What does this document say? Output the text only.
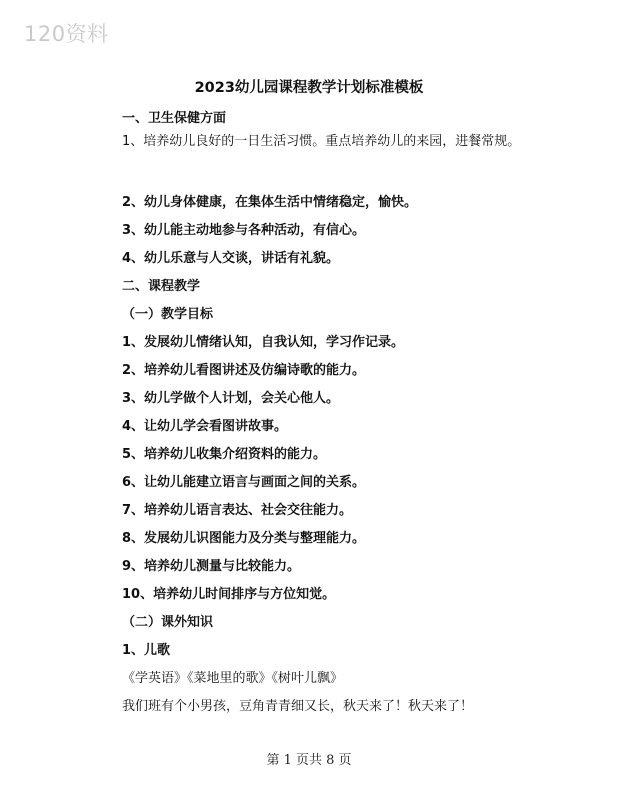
120资料
2023幼儿园课程教学计划标准模板
一、卫生保健方面
1、培养幼儿良好的一日生活习惯。重点培养幼儿的来园，进餐常规。
2、幼儿身体健康，在集体生活中情绪稳定，愉快。
3、幼儿能主动地参与各种活动，有信心。
4、幼儿乐意与人交谈，讲话有礼貌。
二、课程教学
（一）教学目标
1、发展幼儿情绪认知，自我认知，学习作记录。
2、培养幼儿看图讲述及仿编诗歌的能力。
3、幼儿学做个人计划，会关心他人。
4、让幼儿学会看图讲故事。
5、培养幼儿收集介绍资料的能力。
6、让幼儿能建立语言与画面之间的关系。
7、培养幼儿语言表达、社会交往能力。
8、发展幼儿识图能力及分类与整理能力。
9、培养幼儿测量与比较能力。
10、培养幼儿时间排序与方位知觉。
（二）课外知识
1、儿歌
《学英语》《菜地里的歌》《树叶儿飘》
我们班有个小男孩，豆角青青细又长，秋天来了！秋天来了！
第 1 页共 8 页
